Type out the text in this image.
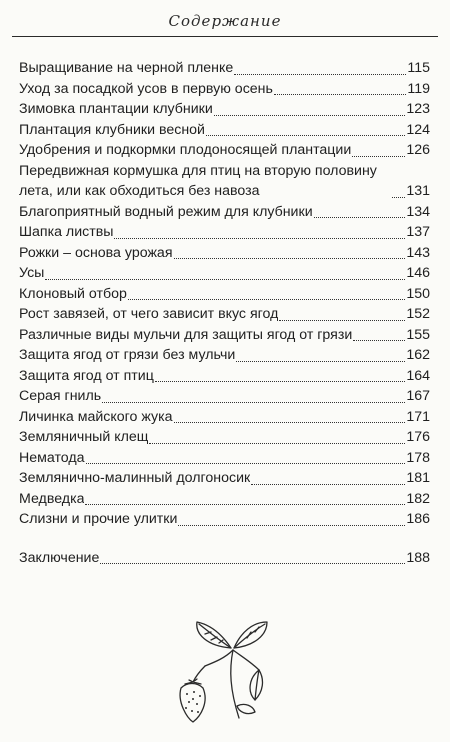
Содержание
Выращивание на черной пленке	115
Уход за посадкой усов в первую осень	119
Зимовка плантации клубники	123
Плантация клубники весной	124
Удобрения и подкормки плодоносящей плантации	126
Передвижная кормушка для птиц на вторую половину лета, или как обходиться без навоза	131
Благоприятный водный режим для клубники	134
Шапка листвы	137
Рожки – основа урожая	143
Усы	146
Клоновый отбор	150
Рост завязей, от чего зависит вкус ягод	152
Различные виды мульчи для защиты ягод от грязи	155
Защита ягод от грязи без мульчи	162
Защита ягод от птиц	164
Серая гниль	167
Личинка майского жука	171
Земляничный клещ	176
Нематода	178
Землянично-малинный долгоносик	181
Медведка	182
Слизни и прочие улитки	186
Заключение	188
